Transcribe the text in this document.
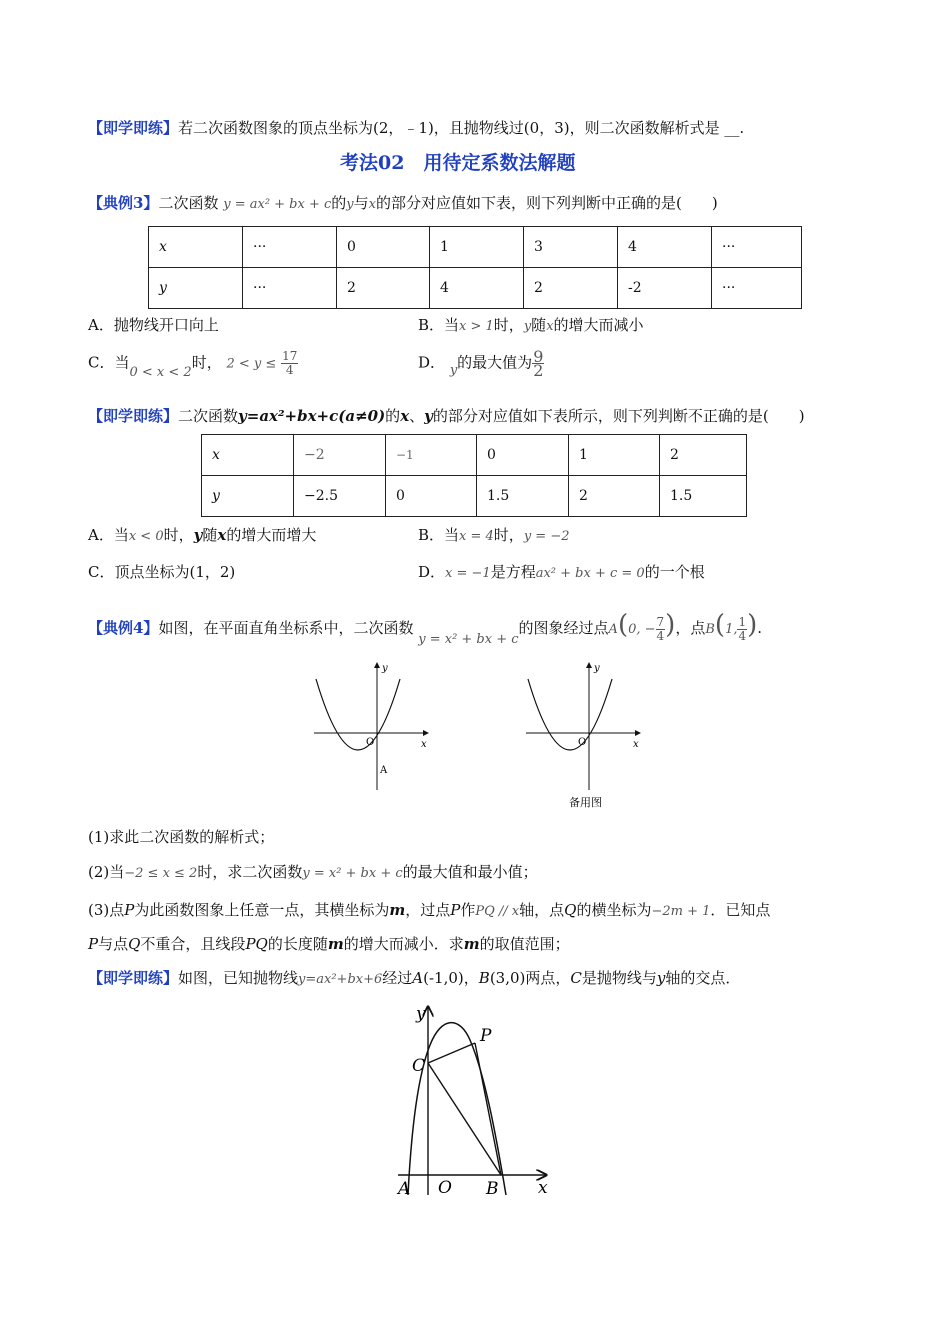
【即学即练】若二次函数图象的顶点坐标为(2，﹣1)，且抛物线过(0，3)，则二次函数解析式是 __.
考法02　用待定系数法解题
【典例3】二次函数 y = ax² + bx + c的y与x的部分对应值如下表，则下列判断中正确的是(　　)
x	···	0	1	3	4	···
y	···	2	4	2	-2	···
A．抛物线开口向上	B．当x > 1时，y随x的增大而减小
C．当0 < x < 2时， $2 < y \le \frac{17}{4}$	D． y的最大值为 $\frac{9}{2}$
【即学即练】二次函数y=ax²+bx+c(a≠0)的x、y的部分对应值如下表所示，则下列判断不正确的是(　　)
x	−2	−1	0	1	2
y	−2.5	0	1.5	2	1.5
A．当x < 0时，y随x的增大而增大	B．当x = 4时，y = −2
C．顶点坐标为(1，2)	D．x = −1是方程ax² + bx + c = 0的一个根
【典例4】如图，在平面直角坐标系中，二次函数 y = x² + bx + c的图象经过点A(0, − $\frac{7}{4}$ )，点B(1, $\frac{1}{4}$ ).
y
x
O
A
y
x
O
备用图
(1)求此二次函数的解析式；
(2)当−2 ≤ x ≤ 2时，求二次函数y = x² + bx + c的最大值和最小值；
(3)点P为此函数图象上任意一点，其横坐标为m，过点P作PQ // x轴，点Q的横坐标为−2m + 1．已知点
P与点Q不重合，且线段PQ的长度随m的增大而减小．求m的取值范围；
【即学即练】如图，已知抛物线y=ax²+bx+6经过A(-1,0)，B(3,0)两点，C是抛物线与y轴的交点．
y
x
O
A	B
C
P
